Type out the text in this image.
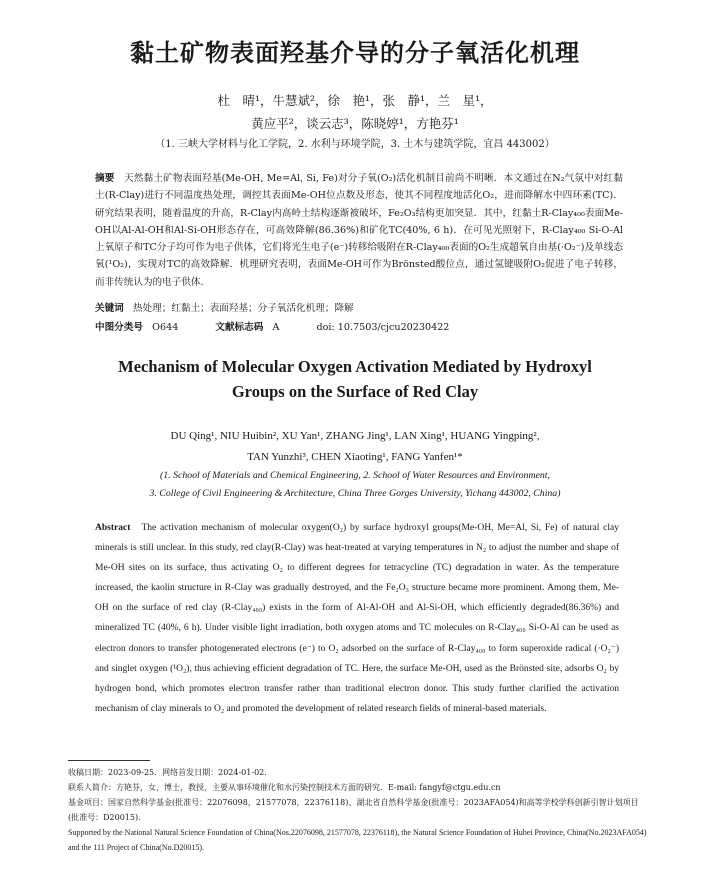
黏土矿物表面羟基介导的分子氧活化机理
杜　晴¹，牛慧斌²，徐　艳¹，张　静¹，兰　星¹，
黄应平²，谈云志³，陈晓婷¹，方艳芬¹
（1. 三峡大学材料与化工学院，2. 水利与环境学院，3. 土木与建筑学院，宜昌 443002）
摘要 天然黏土矿物表面羟基(Me-OH, Me=Al, Si, Fe)对分子氧(O₂)活化机制目前尚不明晰．本文通过在N₂气氛中对红黏土(R-Clay)进行不同温度热处理，调控其表面Me-OH位点数及形态，使其不同程度地活化O₂，进而降解水中四环素(TC)．研究结果表明，随着温度的升高，R-Clay内高岭土结构逐渐被破坏，Fe₂O₃结构更加突显．其中，红黏土R-Clay₄₀₀表面Me-OH以Al-Al-OH和Al-Si-OH形态存在，可高效降解(86.36%)和矿化TC(40%, 6 h)．在可见光照射下，R-Clay₄₀₀ Si-O-Al上氧原子和TC分子均可作为电子供体，它们将光生电子(e⁻)转移给吸附在R-Clay₄₀₀表面的O₂生成超氧自由基(·O₂⁻)及单线态氧(¹O₂)，实现对TC的高效降解．机理研究表明，表面Me-OH可作为Brönsted酸位点，通过氢键吸附O₂促进了电子转移，而非传统认为的电子供体．
关键词 热处理；红黏土；表面羟基；分子氧活化机理；降解
中图分类号 O644	文献标志码 A	doi: 10.7503/cjcu20230422
Mechanism of Molecular Oxygen Activation Mediated by Hydroxyl
Groups on the Surface of Red Clay
DU Qing¹, NIU Huibin², XU Yan¹, ZHANG Jing¹, LAN Xing¹, HUANG Yingping²,
TAN Yunzhi³, CHEN Xiaoting¹, FANG Yanfen¹*
(1. School of Materials and Chemical Engineering, 2. School of Water Resources and Environment,
3. College of Civil Engineering & Architecture, China Three Gorges University, Yichang 443002, China)
Abstract The activation mechanism of molecular oxygen(O₂) by surface hydroxyl groups(Me-OH, Me=Al, Si, Fe) of natural clay minerals is still unclear. In this study, red clay(R-Clay) was heat-treated at varying temperatures in N₂ to adjust the number and shape of Me-OH sites on its surface, thus activating O₂ to different degrees for tetracycline (TC) degradation in water. As the temperature increased, the kaolin structure in R-Clay was gradually destroyed, and the Fe₂O₃ structure became more prominent. Among them, Me-OH on the surface of red clay (R-Clay₄₀₀) exists in the form of Al-Al-OH and Al-Si-OH, which efficiently degraded(86.36%) and mineralized TC (40%, 6 h). Under visible light irradiation, both oxygen atoms and TC molecules on R-Clay₄₀₀ Si-O-Al can be used as electron donors to transfer photogenerated electrons (e⁻) to O₂ adsorbed on the surface of R-Clay₄₀₀ to form superoxide radical (·O₂⁻) and singlet oxygen (¹O₂), thus achieving efficient degradation of TC. Here, the surface Me-OH, used as the Brönsted site, adsorbs O₂ by hydrogen bond, which promotes electron transfer rather than traditional electron donor. This study further clarified the activation mechanism of clay minerals to O₂ and promoted the development of related research fields of mineral-based materials.
收稿日期：2023-09-25．网络首发日期：2024-01-02．
联系人简介：方艳芬，女，博士，教授，主要从事环境催化和水污染控制技术方面的研究．E-mail: fangyf@ctgu.edu.cn
基金项目：国家自然科学基金(批准号：22076098，21577078，22376118)、湖北省自然科学基金(批准号：2023AFA054)和高等学校学科创新引智计划项目(批准号：D20015)．
Supported by the National Natural Science Foundation of China(Nos.22076098, 21577078, 22376118), the Natural Science Foundation of Hubei Province, China(No.2023AFA054) and the 111 Project of China(No.D20015).
